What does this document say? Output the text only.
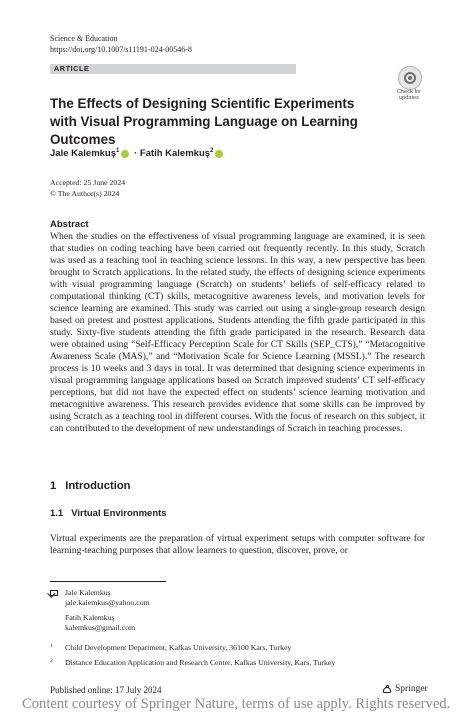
Science & Education
https://doi.org/10.1007/s11191-024-00546-8
ARTICLE
Check for
updates
The Effects of Designing Scientific Experiments with Visual Programming Language on Learning Outcomes
Jale Kalemkuş$^1$ · Fatih Kalemkuş$^2$
Accepted: 25 June 2024
© The Author(s) 2024
Abstract

When the studies on the effectiveness of visual programming language are examined, it is seen that studies on coding teaching have been carried out frequently recently. In this study, Scratch was used as a teaching tool in teaching science lessons. In this way, a new perspective has been brought to Scratch applications. In the related study, the effects of designing science experiments with visual programming language (Scratch) on students’ beliefs of self-efficacy related to computational thinking (CT) skills, metacognitive awareness levels, and motivation levels for science learning are examined. This study was carried out using a single-group research design based on pretest and posttest applications. Students attending the fifth grade participated in this study. Sixty-five students attending the fifth grade participated in the research. Research data were obtained using “Self-Efficacy Perception Scale for CT Skills (SEP_CTS),” “Metacognitive Awareness Scale (MAS),” and “Motivation Scale for Science Learning (MSSL).” The research process is 10 weeks and 3 days in total. It was determined that designing science experiments in visual programming language applications based on Scratch improved students’ CT self-efficacy perceptions, but did not have the expected effect on students’ science learning motivation and metacognitive awareness. This research provides evidence that some skills can be improved by using Scratch as a teaching tool in different courses. With the focus of research on this subject, it can contributed to the development of new understandings of Scratch in teaching processes.

1 Introduction
1.1 Virtual Environments
Virtual experiments are the preparation of virtual experiment setups with computer software for learning-teaching purposes that allow learners to question, discover, prove, or
Jale Kalemkuş
jale.kalemkus@yahoo.com
Fatih Kalemkuş
kalemkus@gmail.com
1 Child Development Department, Kafkas University, 36100 Kars, Turkey
2 Distance Education Application and Research Center, Kafkas University, Kars, Turkey
Published online: 17 July 2024	Springer
Content courtesy of Springer Nature, terms of use apply. Rights reserved.
